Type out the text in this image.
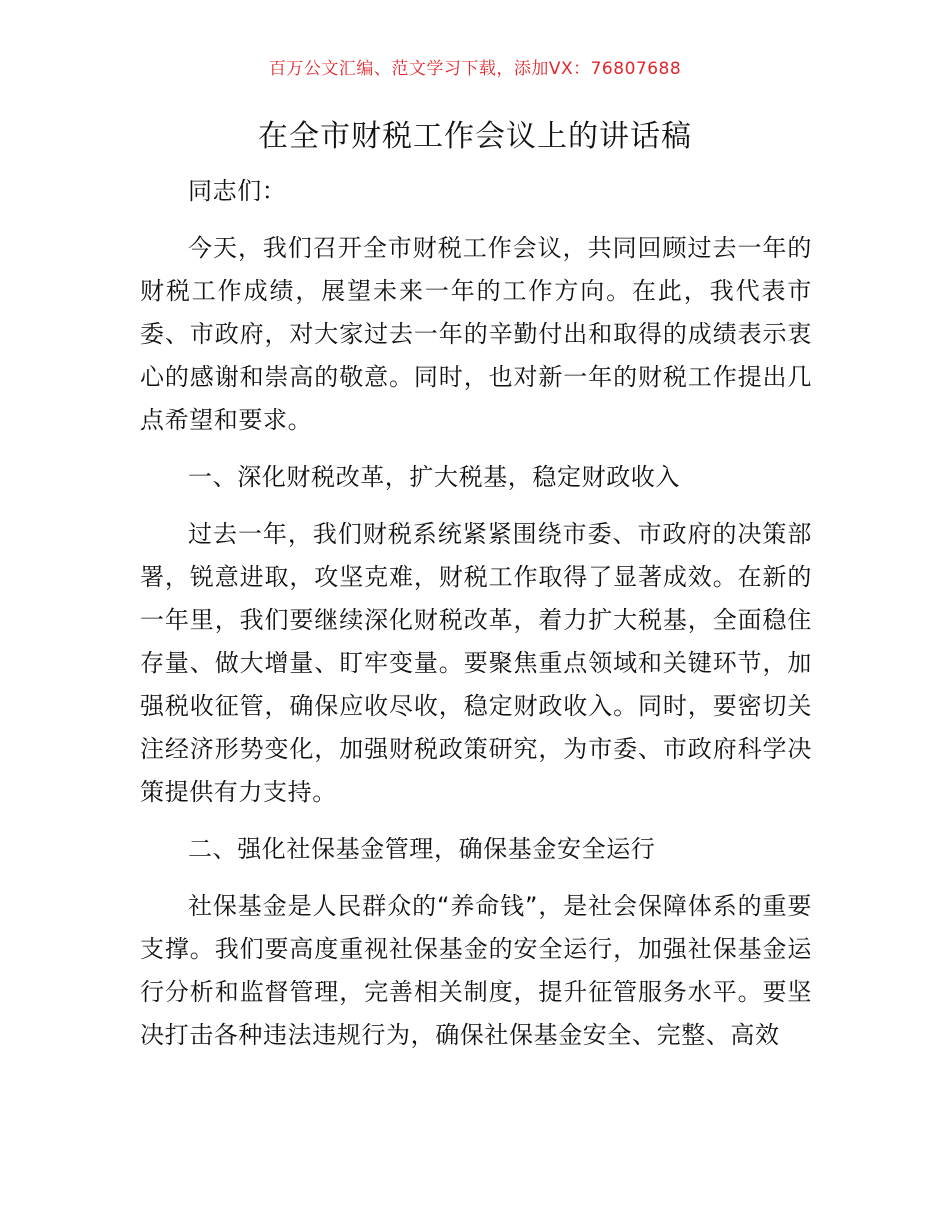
百万公文汇编、范文学习下载，添加VX：76807688
在全市财税工作会议上的讲话稿

同志们：

今天，我们召开全市财税工作会议，共同回顾过去一年的财税工作成绩，展望未来一年的工作方向。在此，我代表市委、市政府，对大家过去一年的辛勤付出和取得的成绩表示衷心的感谢和崇高的敬意。同时，也对新一年的财税工作提出几点希望和要求。

一、深化财税改革，扩大税基，稳定财政收入

过去一年，我们财税系统紧紧围绕市委、市政府的决策部署，锐意进取，攻坚克难，财税工作取得了显著成效。在新的一年里，我们要继续深化财税改革，着力扩大税基，全面稳住存量、做大增量、盯牢变量。要聚焦重点领域和关键环节，加强税收征管，确保应收尽收，稳定财政收入。同时，要密切关注经济形势变化，加强财税政策研究，为市委、市政府科学决策提供有力支持。

二、强化社保基金管理，确保基金安全运行

社保基金是人民群众的“养命钱”，是社会保障体系的重要支撑。我们要高度重视社保基金的安全运行，加强社保基金运行分析和监督管理，完善相关制度，提升征管服务水平。要坚决打击各种违法违规行为，确保社保基金安全、完整、高效
